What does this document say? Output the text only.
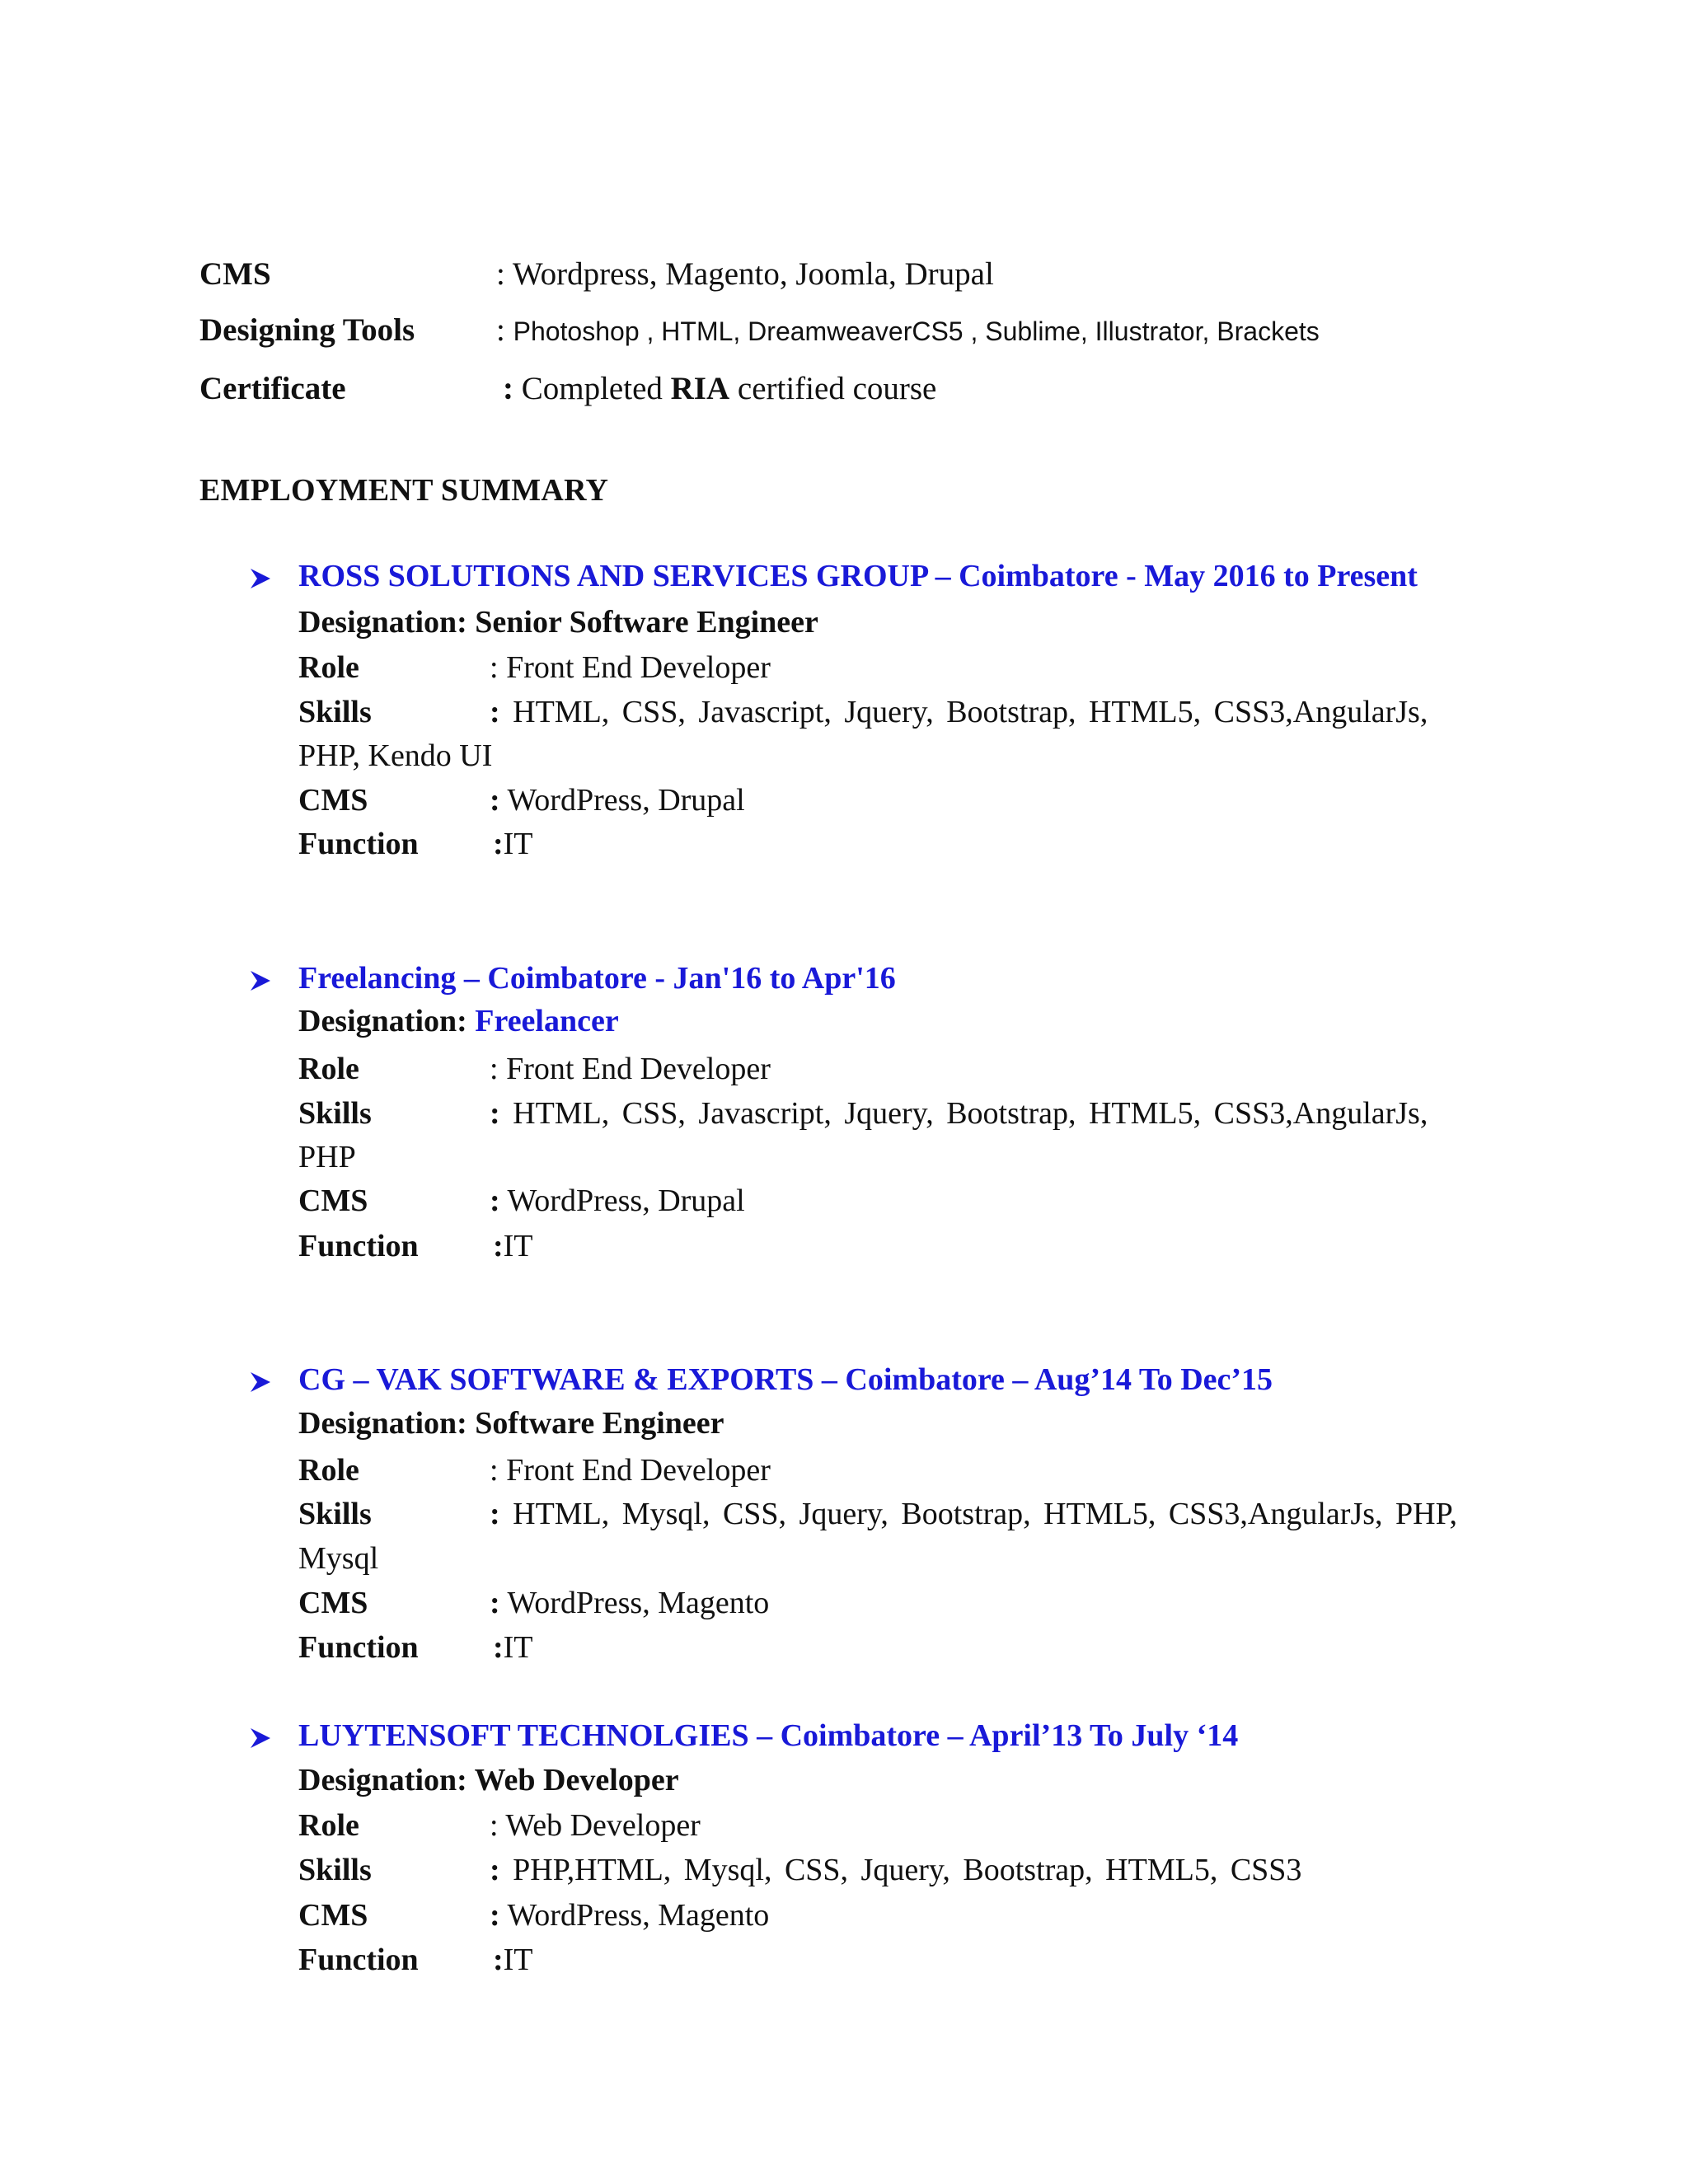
CMS	: Wordpress, Magento, Joomla, Drupal
Designing Tools	: Photoshop , HTML, DreamweaverCS5 , Sublime, Illustrator, Brackets
Certificate	: Completed RIA certified course
EMPLOYMENT SUMMARY
ROSS SOLUTIONS AND SERVICES GROUP – Coimbatore - May 2016 to Present
Designation: Senior Software Engineer
Role	: Front End Developer
Skills	: HTML, CSS, Javascript, Jquery, Bootstrap, HTML5, CSS3,AngularJs,
PHP, Kendo UI
CMS	: WordPress, Drupal
Function :IT
Freelancing – Coimbatore - Jan'16 to Apr'16
Designation: Freelancer
Role	: Front End Developer
Skills	: HTML, CSS, Javascript, Jquery, Bootstrap, HTML5, CSS3,AngularJs,
PHP
CMS	: WordPress, Drupal
Function :IT
CG – VAK SOFTWARE & EXPORTS – Coimbatore – Aug’14 To Dec’15
Designation: Software Engineer
Role	: Front End Developer
Skills	: HTML, Mysql, CSS, Jquery, Bootstrap, HTML5, CSS3,AngularJs, PHP,
Mysql
CMS	: WordPress, Magento
Function :IT
LUYTENSOFT TECHNOLGIES – Coimbatore – April’13 To July ‘14
Designation: Web Developer
Role	: Web Developer
Skills	: PHP,HTML, Mysql, CSS, Jquery, Bootstrap, HTML5, CSS3
CMS	: WordPress, Magento
Function :IT
